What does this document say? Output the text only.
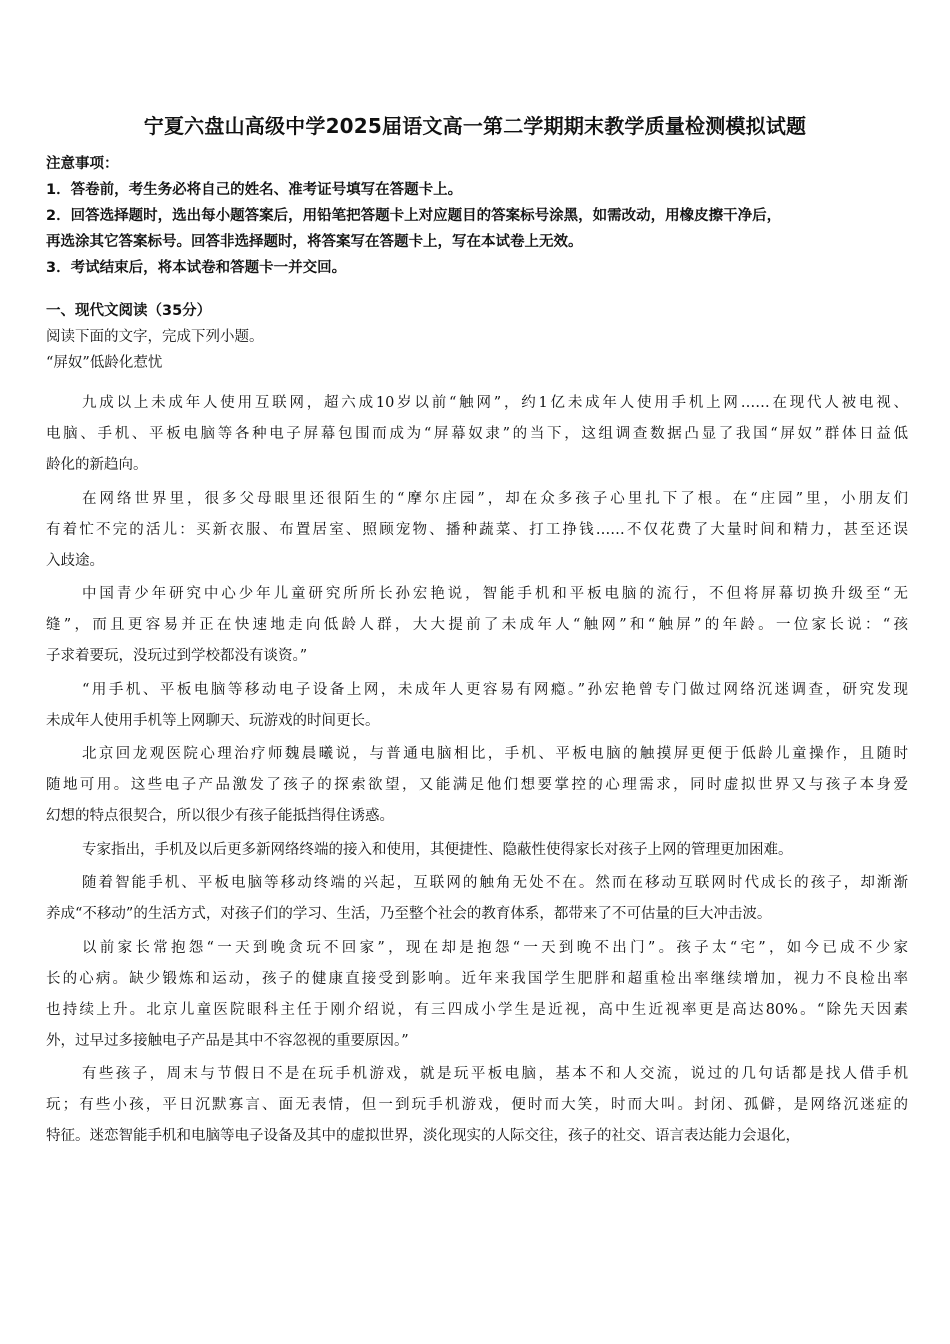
宁夏六盘山高级中学2025届语文高一第二学期期末教学质量检测模拟试题
注意事项：
1．答卷前，考生务必将自己的姓名、准考证号填写在答题卡上。
2．回答选择题时，选出每小题答案后，用铅笔把答题卡上对应题目的答案标号涂黑，如需改动，用橡皮擦干净后，
再选涂其它答案标号。回答非选择题时，将答案写在答题卡上，写在本试卷上无效。
3．考试结束后，将本试卷和答题卡一并交回。
一、现代文阅读（35分）
阅读下面的文字，完成下列小题。
“屏奴”低龄化惹忧
九成以上未成年人使用互联网，超六成10岁以前“触网”，约1亿未成年人使用手机上网……在现代人被电视、
电脑、手机、平板电脑等各种电子屏幕包围而成为“屏幕奴隶”的当下，这组调查数据凸显了我国“屏奴”群体日益低
龄化的新趋向。
在网络世界里，很多父母眼里还很陌生的“摩尔庄园”，却在众多孩子心里扎下了根。在“庄园”里，小朋友们
有着忙不完的活儿：买新衣服、布置居室、照顾宠物、播种蔬菜、打工挣钱……不仅花费了大量时间和精力，甚至还误
入歧途。
中国青少年研究中心少年儿童研究所所长孙宏艳说，智能手机和平板电脑的流行，不但将屏幕切换升级至“无
缝”，而且更容易并正在快速地走向低龄人群，大大提前了未成年人“触网”和“触屏”的年龄。一位家长说：“孩
子求着要玩，没玩过到学校都没有谈资。”
“用手机、平板电脑等移动电子设备上网，未成年人更容易有网瘾。”孙宏艳曾专门做过网络沉迷调查，研究发现
未成年人使用手机等上网聊天、玩游戏的时间更长。
北京回龙观医院心理治疗师魏晨曦说，与普通电脑相比，手机、平板电脑的触摸屏更便于低龄儿童操作，且随时
随地可用。这些电子产品激发了孩子的探索欲望，又能满足他们想要掌控的心理需求，同时虚拟世界又与孩子本身爱
幻想的特点很契合，所以很少有孩子能抵挡得住诱惑。
专家指出，手机及以后更多新网络终端的接入和使用，其便捷性、隐蔽性使得家长对孩子上网的管理更加困难。
随着智能手机、平板电脑等移动终端的兴起，互联网的触角无处不在。然而在移动互联网时代成长的孩子，却渐渐
养成“不移动”的生活方式，对孩子们的学习、生活，乃至整个社会的教育体系，都带来了不可估量的巨大冲击波。
以前家长常抱怨“一天到晚贪玩不回家”，现在却是抱怨“一天到晚不出门”。孩子太“宅”，如今已成不少家
长的心病。缺少锻炼和运动，孩子的健康直接受到影响。近年来我国学生肥胖和超重检出率继续增加，视力不良检出率
也持续上升。北京儿童医院眼科主任于刚介绍说，有三四成小学生是近视，高中生近视率更是高达80%。“除先天因素
外，过早过多接触电子产品是其中不容忽视的重要原因。”
有些孩子，周末与节假日不是在玩手机游戏，就是玩平板电脑，基本不和人交流，说过的几句话都是找人借手机
玩；有些小孩，平日沉默寡言、面无表情，但一到玩手机游戏，便时而大笑，时而大叫。封闭、孤僻，是网络沉迷症的
特征。迷恋智能手机和电脑等电子设备及其中的虚拟世界，淡化现实的人际交往，孩子的社交、语言表达能力会退化，
